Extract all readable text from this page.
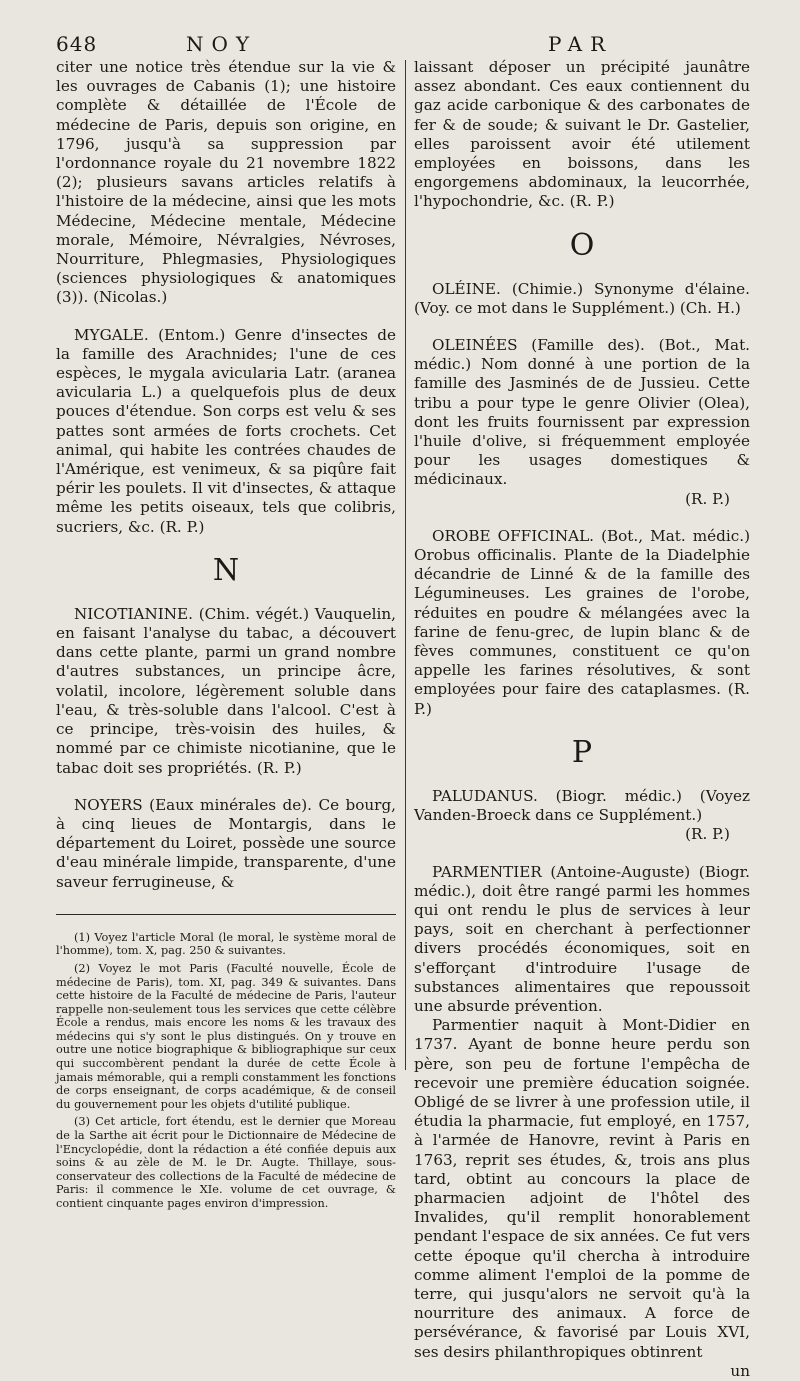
648	NOY	PAR

citer une notice très étendue sur la vie & les ouvrages de Cabanis (1); une histoire complète & détaillée de l'École de médecine de Paris, depuis son origine, en 1796, jusqu'à sa suppression par l'ordonnance royale du 21 novembre 1822 (2); plusieurs savans articles relatifs à l'histoire de la médecine, ainsi que les mots Médecine, Médecine mentale, Médecine morale, Mémoire, Névralgies, Névroses, Nourriture, Phlegmasies, Physiologiques (sciences physiologiques & anatomiques (3)). (Nicolas.)

MYGALE. (Entom.) Genre d'insectes de la famille des Arachnides; l'une de ces espèces, le mygala avicularia Latr. (aranea avicularia L.) a quelquefois plus de deux pouces d'étendue. Son corps est velu & ses pattes sont armées de forts crochets. Cet animal, qui habite les contrées chaudes de l'Amérique, est venimeux, & sa piqûre fait périr les poulets. Il vit d'insectes, & attaque même les petits oiseaux, tels que colibris, sucriers, &c. (R. P.)

N

NICOTIANINE. (Chim. végét.) Vauquelin, en faisant l'analyse du tabac, a découvert dans cette plante, parmi un grand nombre d'autres substances, un principe âcre, volatil, incolore, légèrement soluble dans l'eau, & très-soluble dans l'alcool. C'est à ce principe, très-voisin des huiles, & nommé par ce chimiste nicotianine, que le tabac doit ses propriétés. (R. P.)

NOYERS (Eaux minérales de). Ce bourg, à cinq lieues de Montargis, dans le département du Loiret, possède une source d'eau minérale limpide, transparente, d'une saveur ferrugineuse, &

(1) Voyez l'article Moral (le moral, le système moral de l'homme), tom. X, pag. 250 & suivantes.

(2) Voyez le mot Paris (Faculté nouvelle, École de médecine de Paris), tom. XI, pag. 349 & suivantes. Dans cette histoire de la Faculté de médecine de Paris, l'auteur rappelle non-seulement tous les services que cette célèbre École a rendus, mais encore les noms & les travaux des médecins qui s'y sont le plus distingués. On y trouve en outre une notice biographique & bibliographique sur ceux qui succombèrent pendant la durée de cette École à jamais mémorable, qui a rempli constamment les fonctions de corps enseignant, de corps académique, & de conseil du gouvernement pour les objets d'utilité publique.

(3) Cet article, fort étendu, est le dernier que Moreau de la Sarthe ait écrit pour le Dictionnaire de Médecine de l'Encyclopédie, dont la rédaction a été confiée depuis aux soins & au zèle de M. le Dr. Augte. Thillaye, sous-conservateur des collections de la Faculté de médecine de Paris: il commence le XIe. volume de cet ouvrage, & contient cinquante pages environ d'impression.

laissant déposer un précipité jaunâtre assez abondant. Ces eaux contiennent du gaz acide carbonique & des carbonates de fer & de soude; & suivant le Dr. Gastelier, elles paroissent avoir été utilement employées en boissons, dans les engorgemens abdominaux, la leucorrhée, l'hypochondrie, &c. (R. P.)

O

OLÉINE. (Chimie.) Synonyme d'élaine. (Voy. ce mot dans le Supplément.) (Ch. H.)

OLEINÉES (Famille des). (Bot., Mat. médic.) Nom donné à une portion de la famille des Jasminés de de Jussieu. Cette tribu a pour type le genre Olivier (Olea), dont les fruits fournissent par expression l'huile d'olive, si fréquemment employée pour les usages domestiques & médicinaux.

(R. P.)

OROBE OFFICINAL. (Bot., Mat. médic.) Orobus officinalis. Plante de la Diadelphie décandrie de Linné & de la famille des Légumineuses. Les graines de l'orobe, réduites en poudre & mélangées avec la farine de fenu-grec, de lupin blanc & de fèves communes, constituent ce qu'on appelle les farines résolutives, & sont employées pour faire des cataplasmes. (R. P.)

P

PALUDANUS. (Biogr. médic.) (Voyez Vanden-Broeck dans ce Supplément.)

(R. P.)

PARMENTIER (Antoine-Auguste) (Biogr. médic.), doit être rangé parmi les hommes qui ont rendu le plus de services à leur pays, soit en cherchant à perfectionner divers procédés économiques, soit en s'efforçant d'introduire l'usage de substances alimentaires que repoussoit une absurde prévention.

Parmentier naquit à Mont-Didier en 1737. Ayant de bonne heure perdu son père, son peu de fortune l'empêcha de recevoir une première éducation soignée. Obligé de se livrer à une profession utile, il étudia la pharmacie, fut employé, en 1757, à l'armée de Hanovre, revint à Paris en 1763, reprit ses études, &, trois ans plus tard, obtint au concours la place de pharmacien adjoint de l'hôtel des Invalides, qu'il remplit honorablement pendant l'espace de six années. Ce fut vers cette époque qu'il chercha à introduire comme aliment l'emploi de la pomme de terre, qui jusqu'alors ne servoit qu'à la nourriture des animaux. A force de persévérance, & favorisé par Louis XVI, ses desirs philanthropiques obtinrent

un
